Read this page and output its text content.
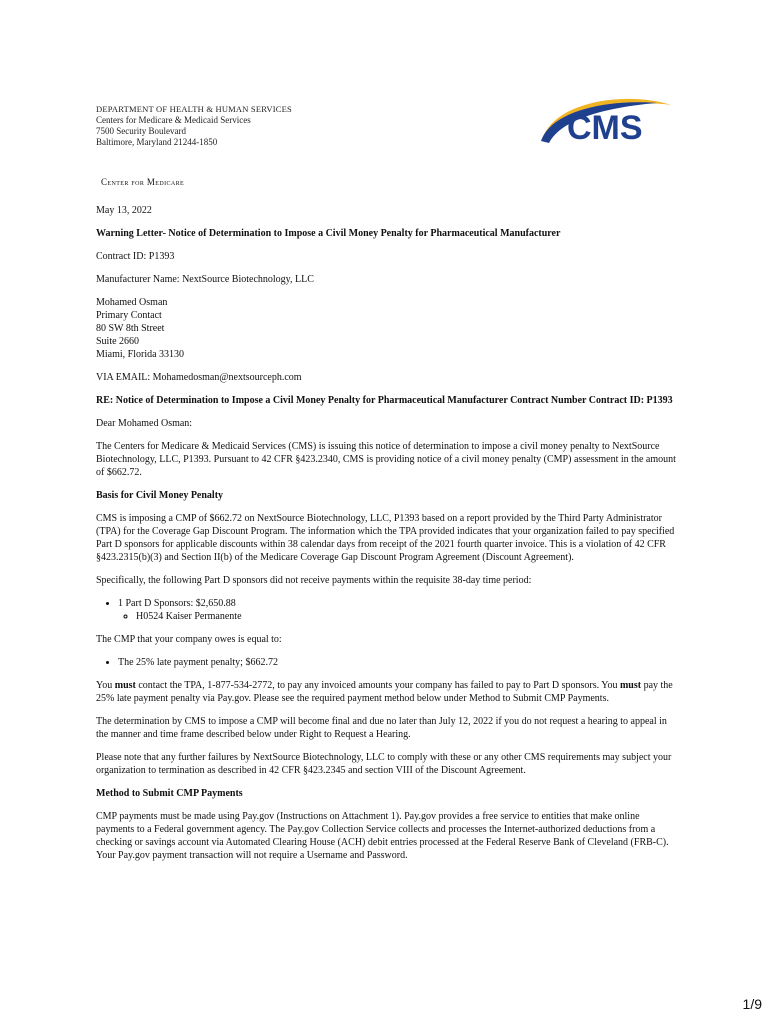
DEPARTMENT OF HEALTH & HUMAN SERVICES
Centers for Medicare & Medicaid Services
7500 Security Boulevard
Baltimore, Maryland 21244-1850	CMS
Center for Medicare

May 13, 2022

Warning Letter- Notice of Determination to Impose a Civil Money Penalty for Pharmaceutical Manufacturer

Contract ID: P1393

Manufacturer Name: NextSource Biotechnology, LLC

Mohamed Osman
Primary Contact
80 SW 8th Street
Suite 2660
Miami, Florida 33130

VIA EMAIL: Mohamedosman@nextsourceph.com

RE: Notice of Determination to Impose a Civil Money Penalty for Pharmaceutical Manufacturer Contract Number Contract ID: P1393

Dear Mohamed Osman:

The Centers for Medicare & Medicaid Services (CMS) is issuing this notice of determination to impose a civil money penalty to NextSource Biotechnology, LLC, P1393. Pursuant to 42 CFR §423.2340, CMS is providing notice of a civil money penalty (CMP) assessment in the amount of $662.72.

Basis for Civil Money Penalty

CMS is imposing a CMP of $662.72 on NextSource Biotechnology, LLC, P1393 based on a report provided by the Third Party Administrator (TPA) for the Coverage Gap Discount Program. The information which the TPA provided indicates that your organization failed to pay specified Part D sponsors for applicable discounts within 38 calendar days from receipt of the 2021 fourth quarter invoice. This is a violation of 42 CFR §423.2315(b)(3) and Section II(b) of the Medicare Coverage Gap Discount Program Agreement (Discount Agreement).

Specifically, the following Part D sponsors did not receive payments within the requisite 38-day time period:

• 1 Part D Sponsors: $2,650.88
◦ H0524 Kaiser Permanente

The CMP that your company owes is equal to:

• The 25% late payment penalty; $662.72

You must contact the TPA, 1-877-534-2772, to pay any invoiced amounts your company has failed to pay to Part D sponsors. You must pay the 25% late payment penalty via Pay.gov. Please see the required payment method below under Method to Submit CMP Payments.

The determination by CMS to impose a CMP will become final and due no later than July 12, 2022 if you do not request a hearing to appeal in the manner and time frame described below under Right to Request a Hearing.

Please note that any further failures by NextSource Biotechnology, LLC to comply with these or any other CMS requirements may subject your organization to termination as described in 42 CFR §423.2345 and section VIII of the Discount Agreement.

Method to Submit CMP Payments

CMP payments must be made using Pay.gov (Instructions on Attachment 1). Pay.gov provides a free service to entities that make online payments to a Federal government agency. The Pay.gov Collection Service collects and processes the Internet-authorized deductions from a checking or savings account via Automated Clearing House (ACH) debit entries processed at the Federal Reserve Bank of Cleveland (FRB-C). Your Pay.gov payment transaction will not require a Username and Password.

1/9
